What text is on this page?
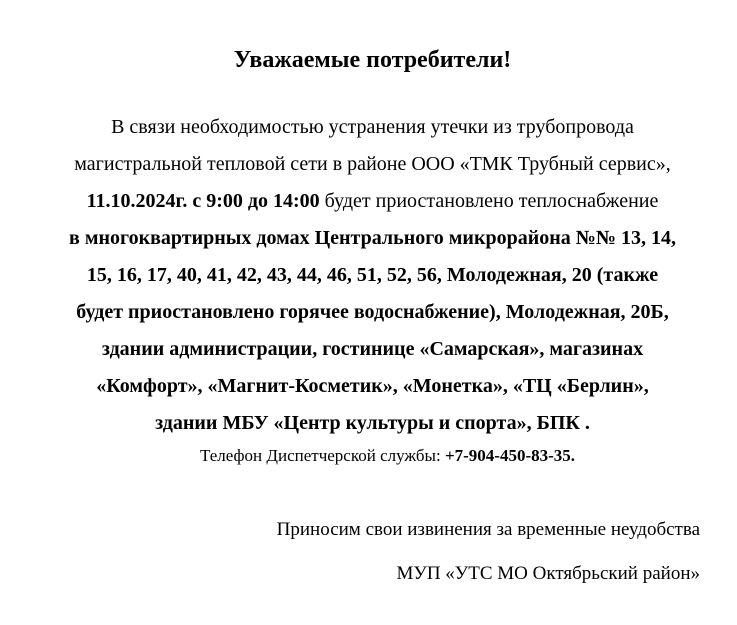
Уважаемые потребители!
В связи необходимостью устранения утечки из трубопровода
магистральной тепловой сети в районе ООО «ТМК Трубный сервис»,
11.10.2024г. с 9:00 до 14:00 будет приостановлено теплоснабжение
в многоквартирных домах Центрального микрорайона №№ 13, 14,
15, 16, 17, 40, 41, 42, 43, 44, 46, 51, 52, 56, Молодежная, 20 (также
будет приостановлено горячее водоснабжение), Молодежная, 20Б,
здании администрации, гостинице «Самарская», магазинах
«Комфорт», «Магнит-Косметик», «Монетка», «ТЦ «Берлин»,
здании МБУ «Центр культуры и спорта», БПК .
Телефон Диспетчерской службы: +7-904-450-83-35.
Приносим свои извинения за временные неудобства
МУП «УТС МО Октябрьский район»
